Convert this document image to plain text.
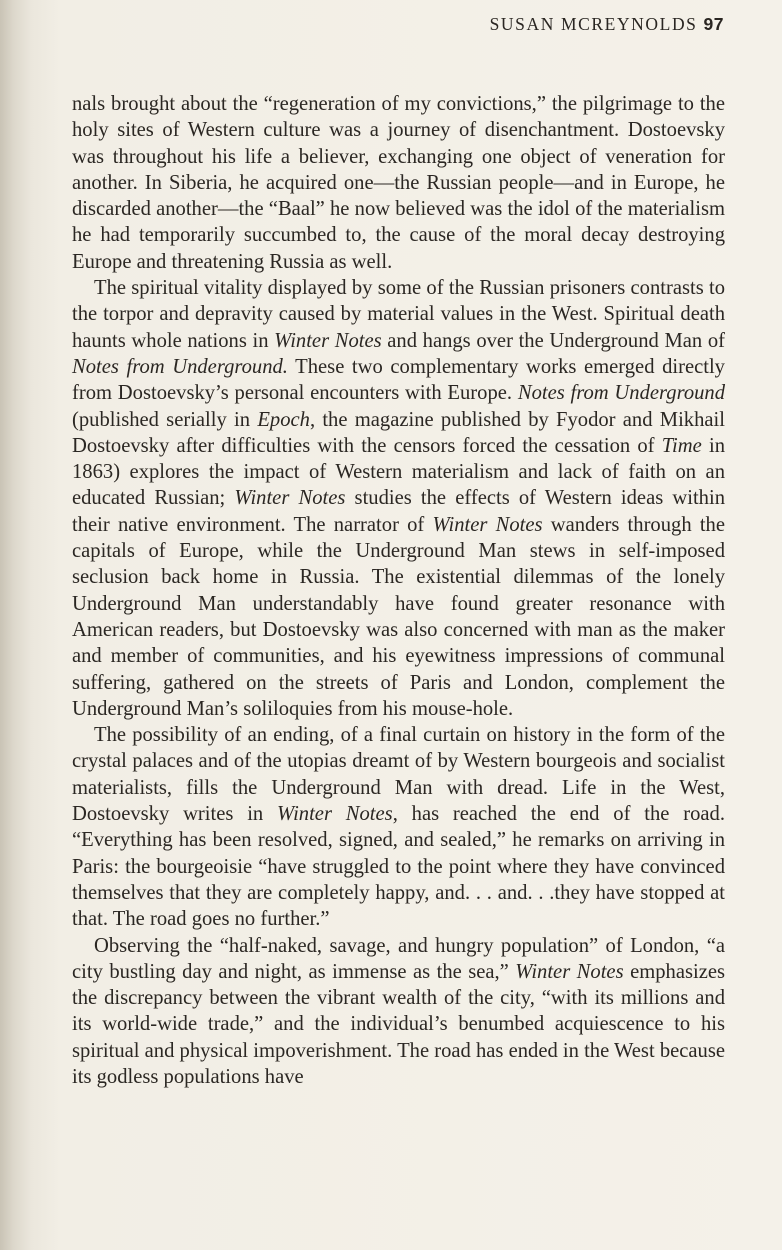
SUSAN MCREYNOLDS 97

nals brought about the “regeneration of my convictions,” the pilgrimage to the holy sites of Western culture was a journey of disenchantment. Dostoevsky was throughout his life a believer, exchanging one object of veneration for another. In Siberia, he acquired one—the Russian people—and in Europe, he discarded another—the “Baal” he now believed was the idol of the materialism he had temporarily succumbed to, the cause of the moral decay destroying Europe and threatening Russia as well.

The spiritual vitality displayed by some of the Russian prisoners contrasts to the torpor and depravity caused by material values in the West. Spiritual death haunts whole nations in Winter Notes and hangs over the Underground Man of Notes from Underground. These two complementary works emerged directly from Dostoevsky’s personal encounters with Europe. Notes from Underground (published serially in Epoch, the magazine published by Fyodor and Mikhail Dostoevsky after difficulties with the censors forced the cessation of Time in 1863) explores the impact of Western materialism and lack of faith on an educated Russian; Winter Notes studies the effects of Western ideas within their native environment. The narrator of Winter Notes wanders through the capitals of Europe, while the Underground Man stews in self-imposed seclusion back home in Russia. The existential dilemmas of the lonely Underground Man understandably have found greater resonance with American readers, but Dostoevsky was also concerned with man as the maker and member of communities, and his eyewitness impressions of communal suffering, gathered on the streets of Paris and London, complement the Underground Man’s soliloquies from his mouse-hole.

The possibility of an ending, of a final curtain on history in the form of the crystal palaces and of the utopias dreamt of by Western bourgeois and socialist materialists, fills the Underground Man with dread. Life in the West, Dostoevsky writes in Winter Notes, has reached the end of the road. “Everything has been resolved, signed, and sealed,” he remarks on arriving in Paris: the bourgeoisie “have struggled to the point where they have convinced themselves that they are completely happy, and. . . and. . .they have stopped at that. The road goes no further.”

Observing the “half-naked, savage, and hungry population” of London, “a city bustling day and night, as immense as the sea,” Winter Notes emphasizes the discrepancy between the vibrant wealth of the city, “with its millions and its world-wide trade,” and the individual’s benumbed acquiescence to his spiritual and physical impoverishment. The road has ended in the West because its godless populations have
